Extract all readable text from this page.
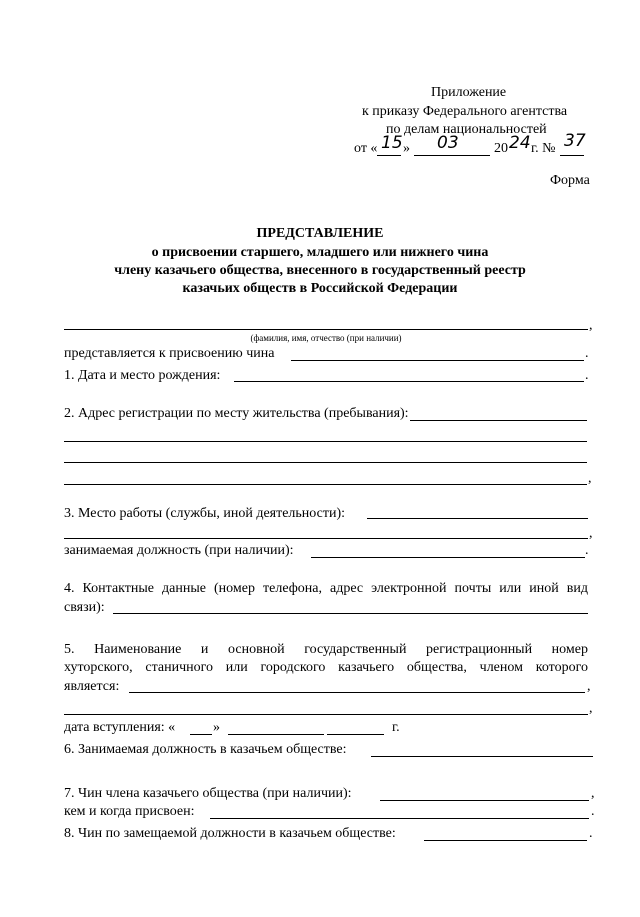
Приложение
к приказу Федерального агентства
по делам национальностей
от « 15 » 03	20 24 г. № 37
Форма
ПРЕДСТАВЛЕНИЕ
о присвоении старшего, младшего или нижнего чина
члену казачьего общества, внесенного в государственный реестр
казачьих обществ в Российской Федерации
,
(фамилия, имя, отчество (при наличии)
представляется к присвоению чина	.
1. Дата и место рождения:	.
2. Адрес регистрации по месту жительства (пребывания):
,
3. Место работы (службы, иной деятельности):
,
занимаемая должность (при наличии):	.
4. Контактные данные (номер телефона, адрес электронной почты или иной вид
связи):
5. Наименование и основной государственный регистрационный номер
хуторского, станичного или городского казачьего общества, членом которого
является:	,
,
дата вступления: «	»	г.
6. Занимаемая должность в казачьем обществе:
7. Чин члена казачьего общества (при наличии):	,
кем и когда присвоен:	.
8. Чин по замещаемой должности в казачьем обществе:	.
